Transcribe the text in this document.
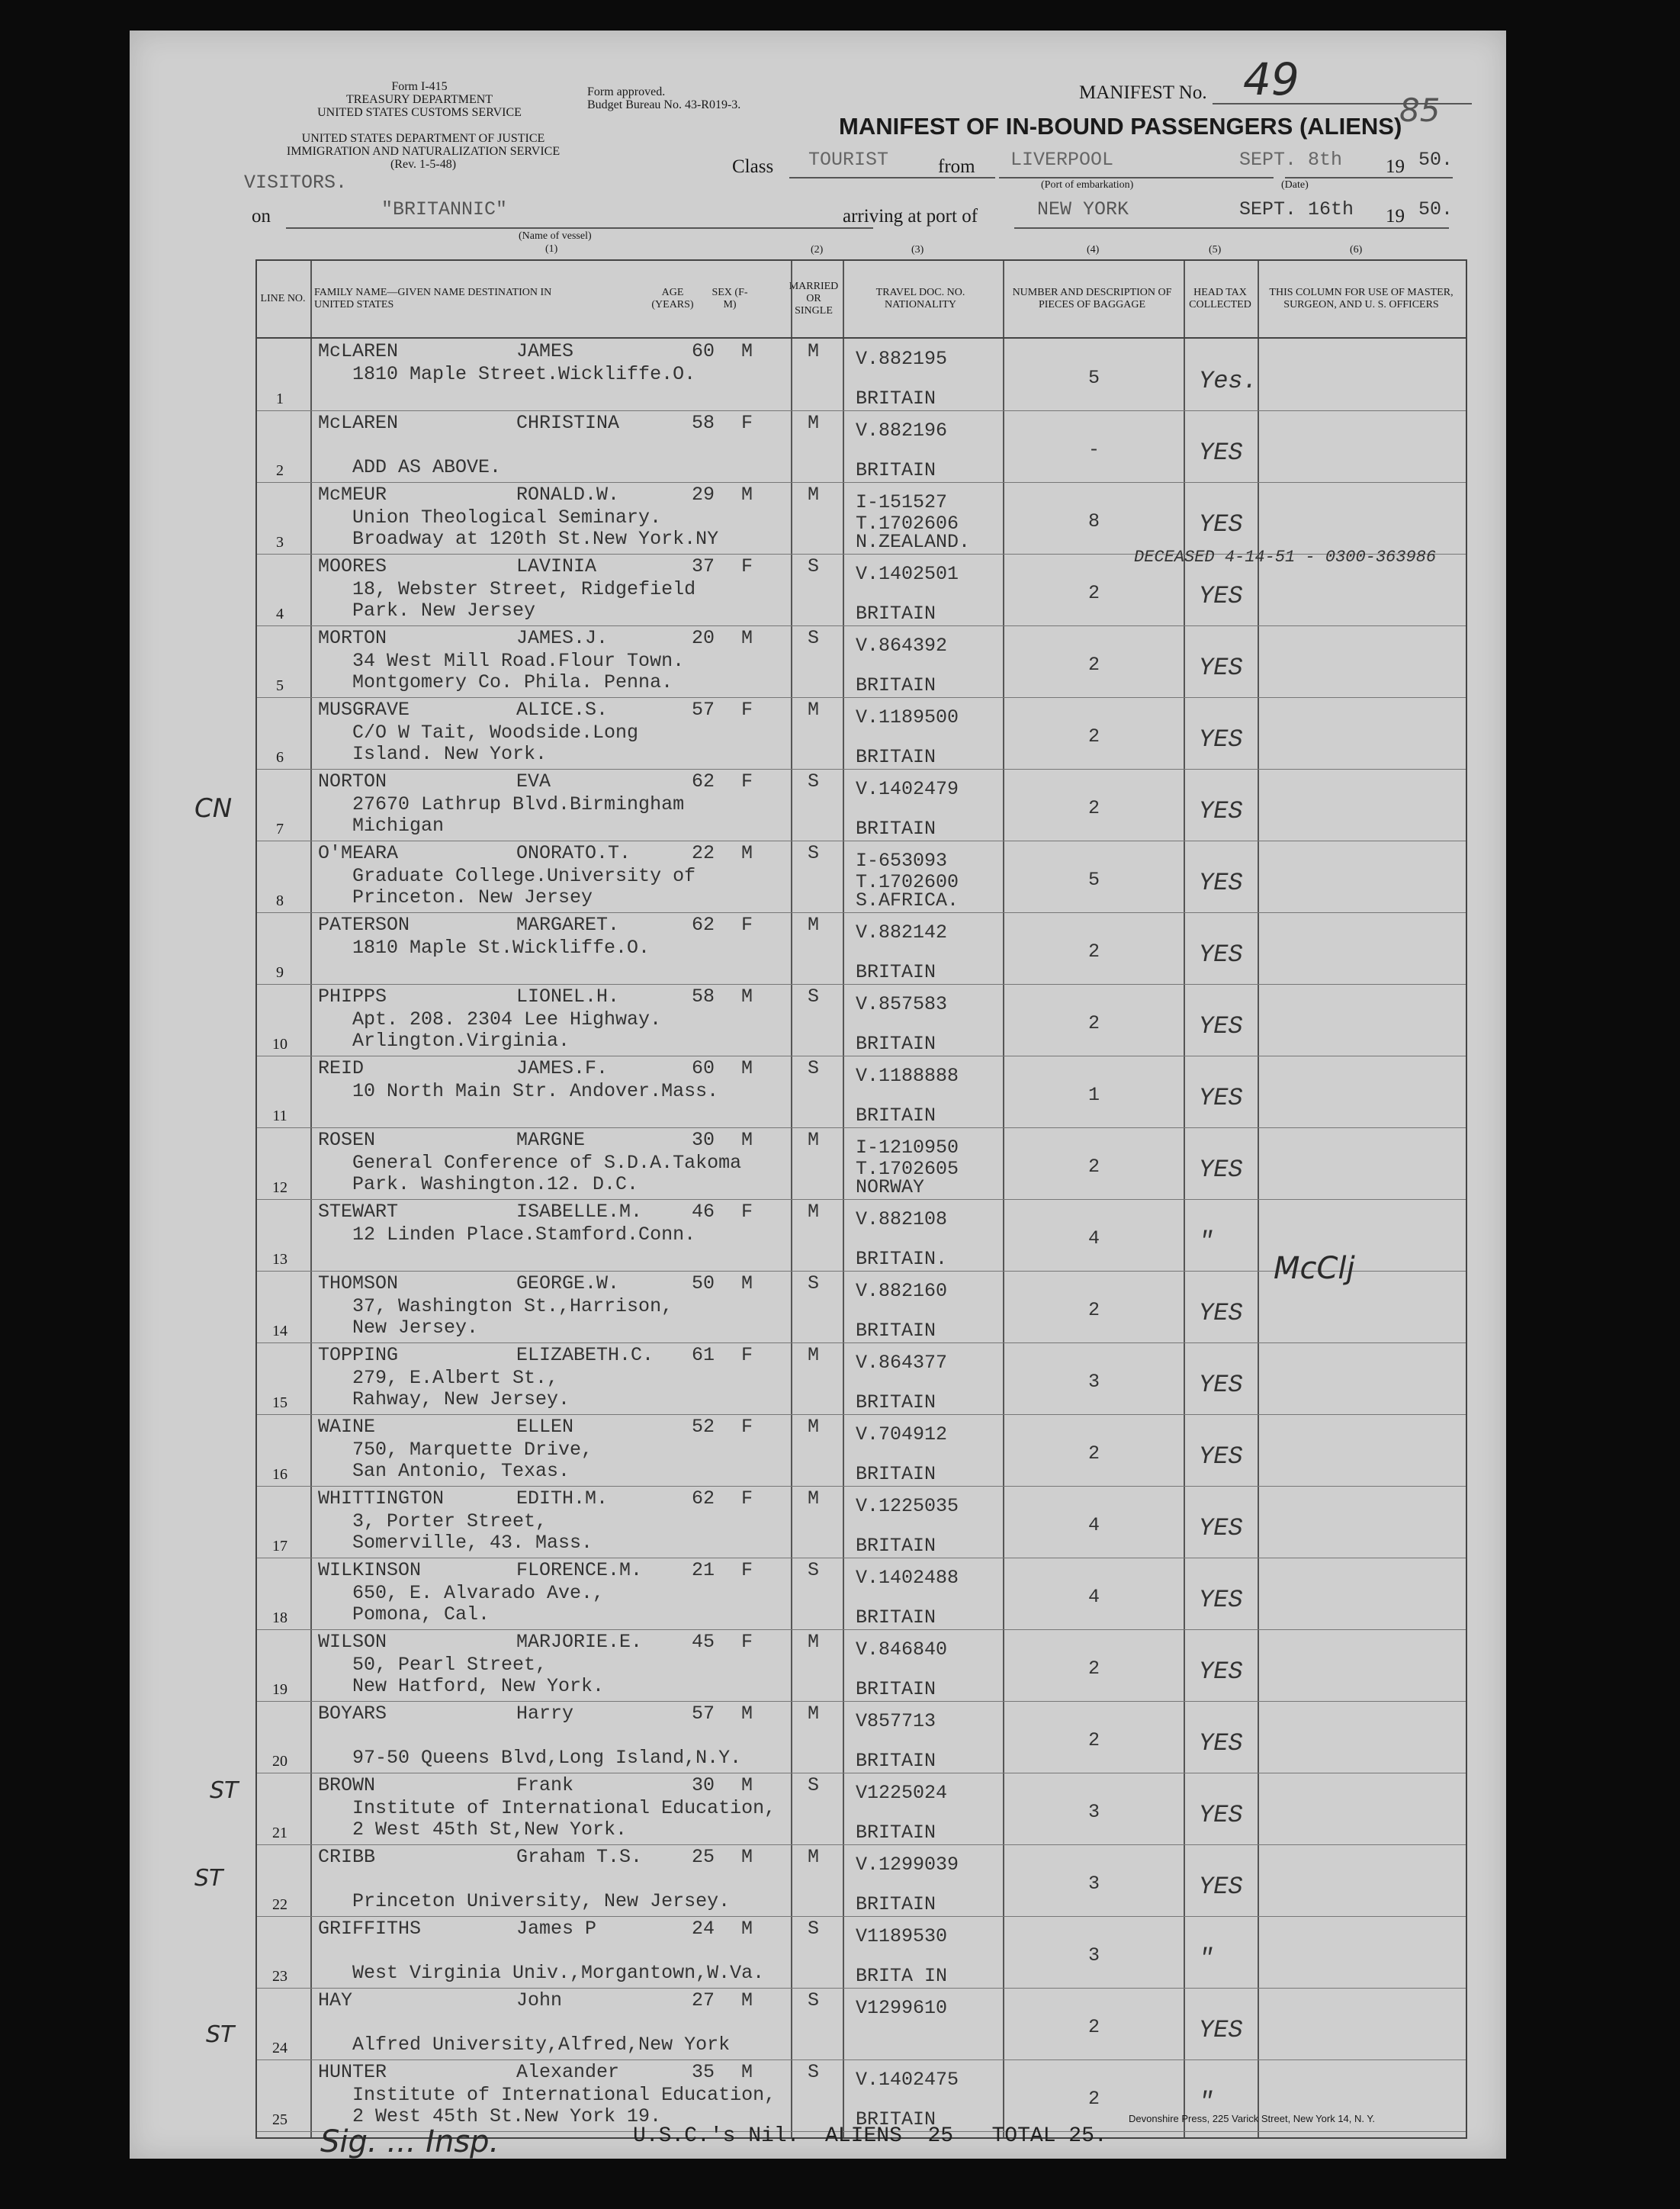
Form I-415
TREASURY DEPARTMENT
UNITED STATES CUSTOMS SERVICE
Form approved.
Budget Bureau No. 43-R019-3.
UNITED STATES DEPARTMENT OF JUSTICE
IMMIGRATION AND NATURALIZATION SERVICE
(Rev. 1-5-48)
MANIFEST No. 49
85
MANIFEST OF IN-BOUND PASSENGERS (ALIENS)
Class TOURIST	from LIVERPOOL	SEPT. 8th 19 50.
(Port of embarkation)	(Date)
VISITORS.
on	"BRITANNIC"
(Name of vessel)
(1)
arriving at port of	NEW YORK	SEPT. 16th 19 50.
(2)	(3)	(4)	(5)	(6)
LINE NO.
FAMILY NAME—GIVEN NAME DESTINATION IN UNITED STATES
AGE (YEARS)
SEX (F-M)
MARRIED OR SINGLE
TRAVEL DOC. NO. NATIONALITY
NUMBER AND DESCRIPTION OF PIECES OF BAGGAGE
HEAD TAX COLLECTED
THIS COLUMN FOR USE OF MASTER, SURGEON, AND U. S. OFFICERS
1
McLAREN	JAMES	60 M	M
1810 Maple Street.Wickliffe.O.
V.882195
BRITAIN
5	Yes.
2
McLAREN	CHRISTINA	58 F	M
ADD AS ABOVE.
V.882196
BRITAIN
-	YES
3
McMEUR	RONALD.W.	29 M	M
Union Theological Seminary.
Broadway at 120th St.New York.NY
I-151527
T.1702606
N.ZEALAND.
8	YES
4
MOORES	LAVINIA	37 F	S
18, Webster Street, Ridgefield
Park. New Jersey
V.1402501
BRITAIN
2	YES
DECEASED 4-14-51 - 0300-363986
5
MORTON	JAMES.J.	20 M	S
34 West Mill Road.Flour Town.
Montgomery Co. Phila. Penna.
V.864392
BRITAIN
2	YES
6
MUSGRAVE	ALICE.S.	57 F	M
C/O W Tait, Woodside.Long
Island. New York.
V.1189500
BRITAIN
2	YES
7
NORTON	EVA	62 F	S
27670 Lathrup Blvd.Birmingham
Michigan
V.1402479
BRITAIN
2	YES
8
O'MEARA	ONORATO.T.	22 M	S
Graduate College.University of
Princeton. New Jersey
I-653093
T.1702600
S.AFRICA.
5	YES
9
PATERSON	MARGARET.	62 F	M
1810 Maple St.Wickliffe.O.
V.882142
BRITAIN
2	YES
10
PHIPPS	LIONEL.H.	58 M	S
Apt. 208. 2304 Lee Highway.
Arlington.Virginia.
V.857583
BRITAIN
2	YES
11
REID	JAMES.F.	60 M	S
10 North Main Str. Andover.Mass.
V.1188888
BRITAIN
1	YES
12
ROSEN	MARGNE	30 M	M
General Conference of S.D.A.Takoma
Park. Washington.12. D.C.
I-1210950
T.1702605
NORWAY
2	YES
13
STEWART	ISABELLE.M.	46 F	M
12 Linden Place.Stamford.Conn.
V.882108
BRITAIN.
4	"
14
THOMSON	GEORGE.W.	50 M	S
37, Washington St.,Harrison,
New Jersey.
V.882160
BRITAIN
2	YES
15
TOPPING	ELIZABETH.C. 61 F	M
279, E.Albert St.,
Rahway, New Jersey.
V.864377
BRITAIN
3	YES
16
WAINE	ELLEN	52 F	M
750, Marquette Drive,
San Antonio, Texas.
V.704912
BRITAIN
2	YES
17
WHITTINGTON	EDITH.M.	62 F	M
3, Porter Street,
Somerville, 43. Mass.
V.1225035
BRITAIN
4	YES
18
WILKINSON	FLORENCE.M.	21 F	S
650, E. Alvarado Ave.,
Pomona, Cal.
V.1402488
BRITAIN
4	YES
19
WILSON	MARJORIE.E.	45 F	M
50, Pearl Street,
New Hatford, New York.
V.846840
BRITAIN
2	YES
20
BOYARS	Harry	57 M	M
97-50 Queens Blvd,Long Island,N.Y.
V857713
BRITAIN
2	YES
21
BROWN	Frank	30 M	S
Institute of International Education,
2 West 45th St,New York.
V1225024
BRITAIN
3	YES
22
CRIBB	Graham T.S.	25 M	M
Princeton University, New Jersey.
V.1299039
BRITAIN
3	YES
23
GRIFFITHS	James P	24 M	S
West Virginia Univ.,Morgantown,W.Va.
V1189530
BRITA IN
3	"
24
HAY	John	27 M	S
Alfred University,Alfred,New York
V1299610
2	YES
25
HUNTER	Alexander	35 M	S
Institute of International Education,
2 West 45th St.New York 19.
V.1402475
BRITAIN
2	"
CN
ST
ST
ST
McClj
Sig. ... Insp.	U.S.C.'s Nil.  ALIENS  25   TOTAL 25.
Devonshire Press, 225 Varick Street, New York 14, N. Y.
